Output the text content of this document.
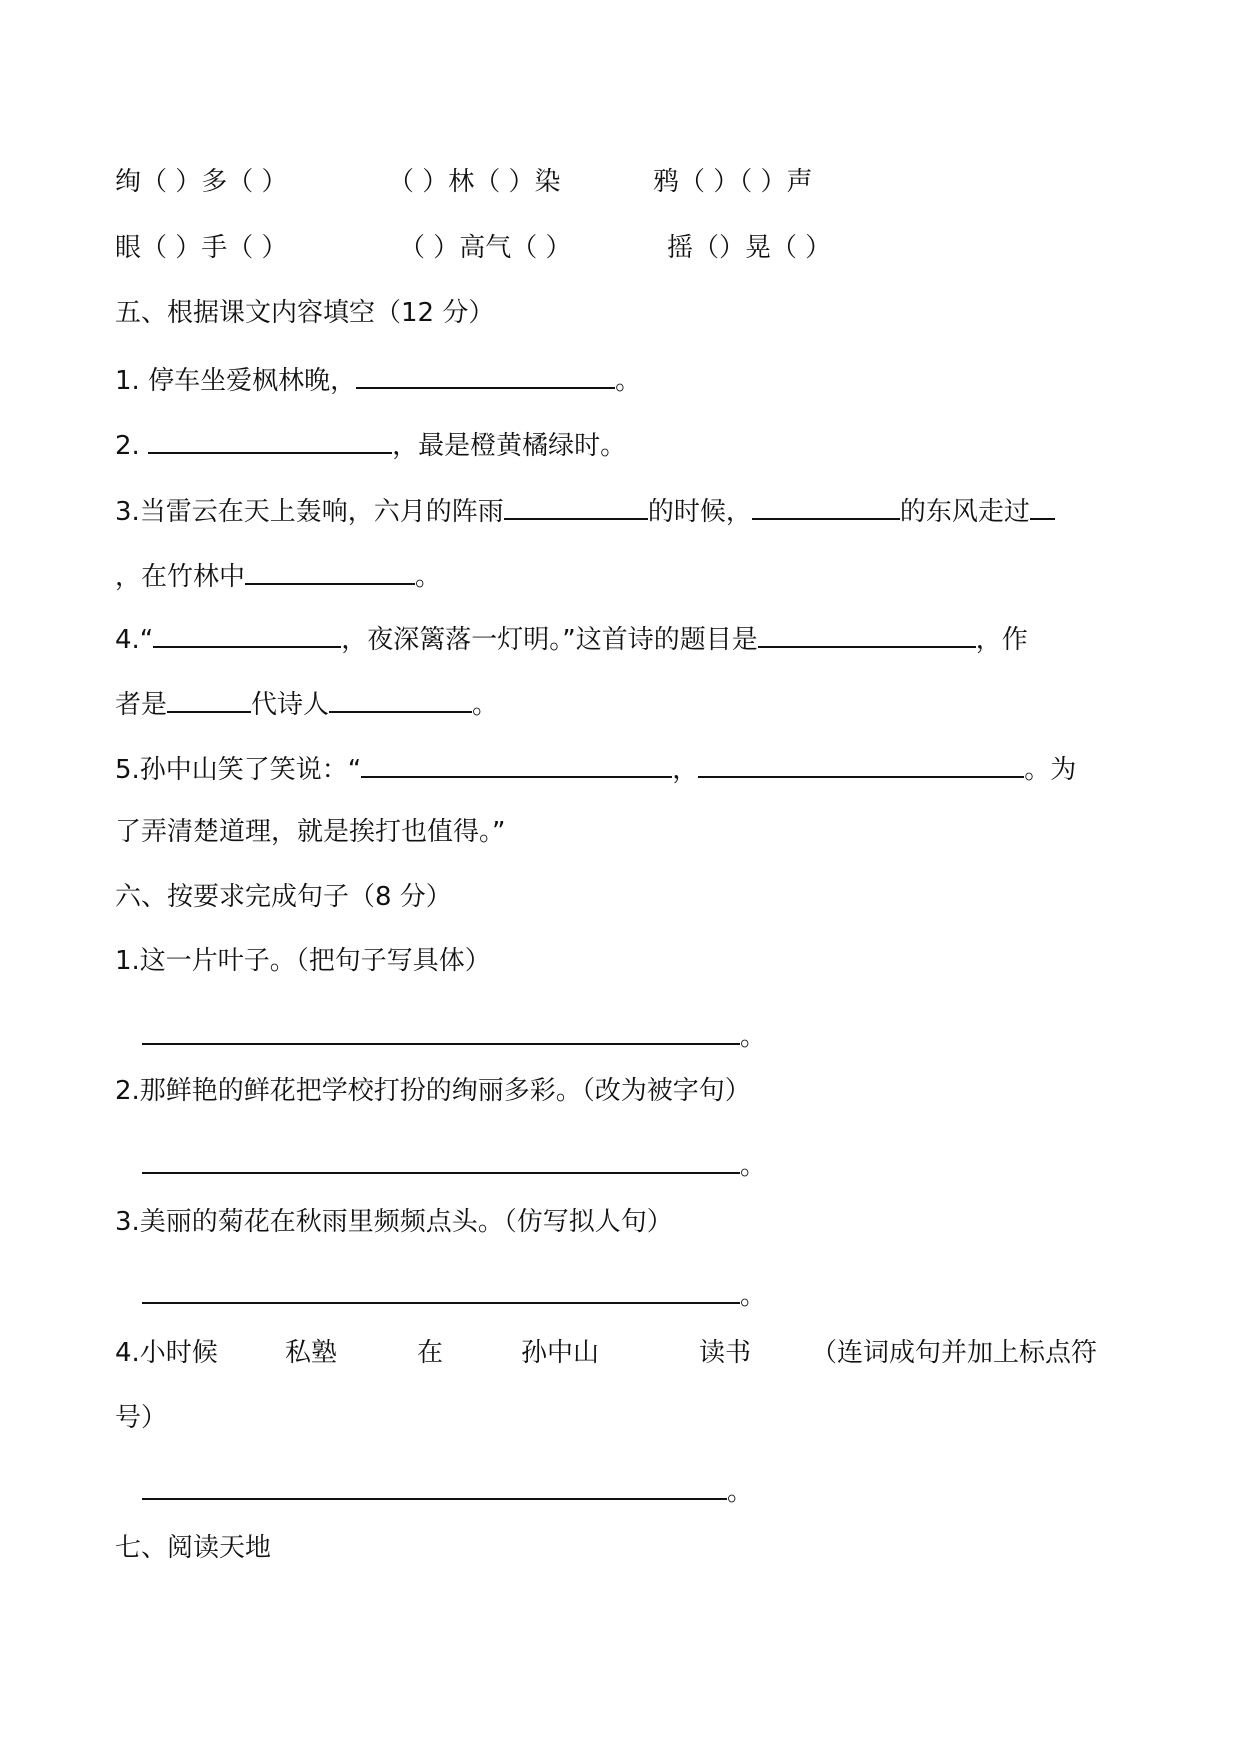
绚（ ）多（ ）	（ ）林（ ）染	鸦（ ）（ ）声
眼（ ）手（ ）	（ ）高气（ ）	摇（）晃（ ）
五、根据课文内容填空（12 分）
1. 停车坐爱枫林晚，	。
2.	，最是橙黄橘绿时。
3.当雷云在天上轰响，六月的阵雨	的时候，	的东风走过
，在竹林中	。
4.“	，夜深篱落一灯明。”这首诗的题目是	，作
者是	代诗人	。
5.孙中山笑了笑说：“	，	。为
了弄清楚道理，就是挨打也值得。”
六、按要求完成句子（8 分）
1.这一片叶子。（把句子写具体）
。
2.那鲜艳的鲜花把学校打扮的绚丽多彩。（改为被字句）
。
3.美丽的菊花在秋雨里频频点头。（仿写拟人句）
。
4.小时候	私塾	在	孙中山	读书 （连词成句并加上标点符
号）
。
七、阅读天地
